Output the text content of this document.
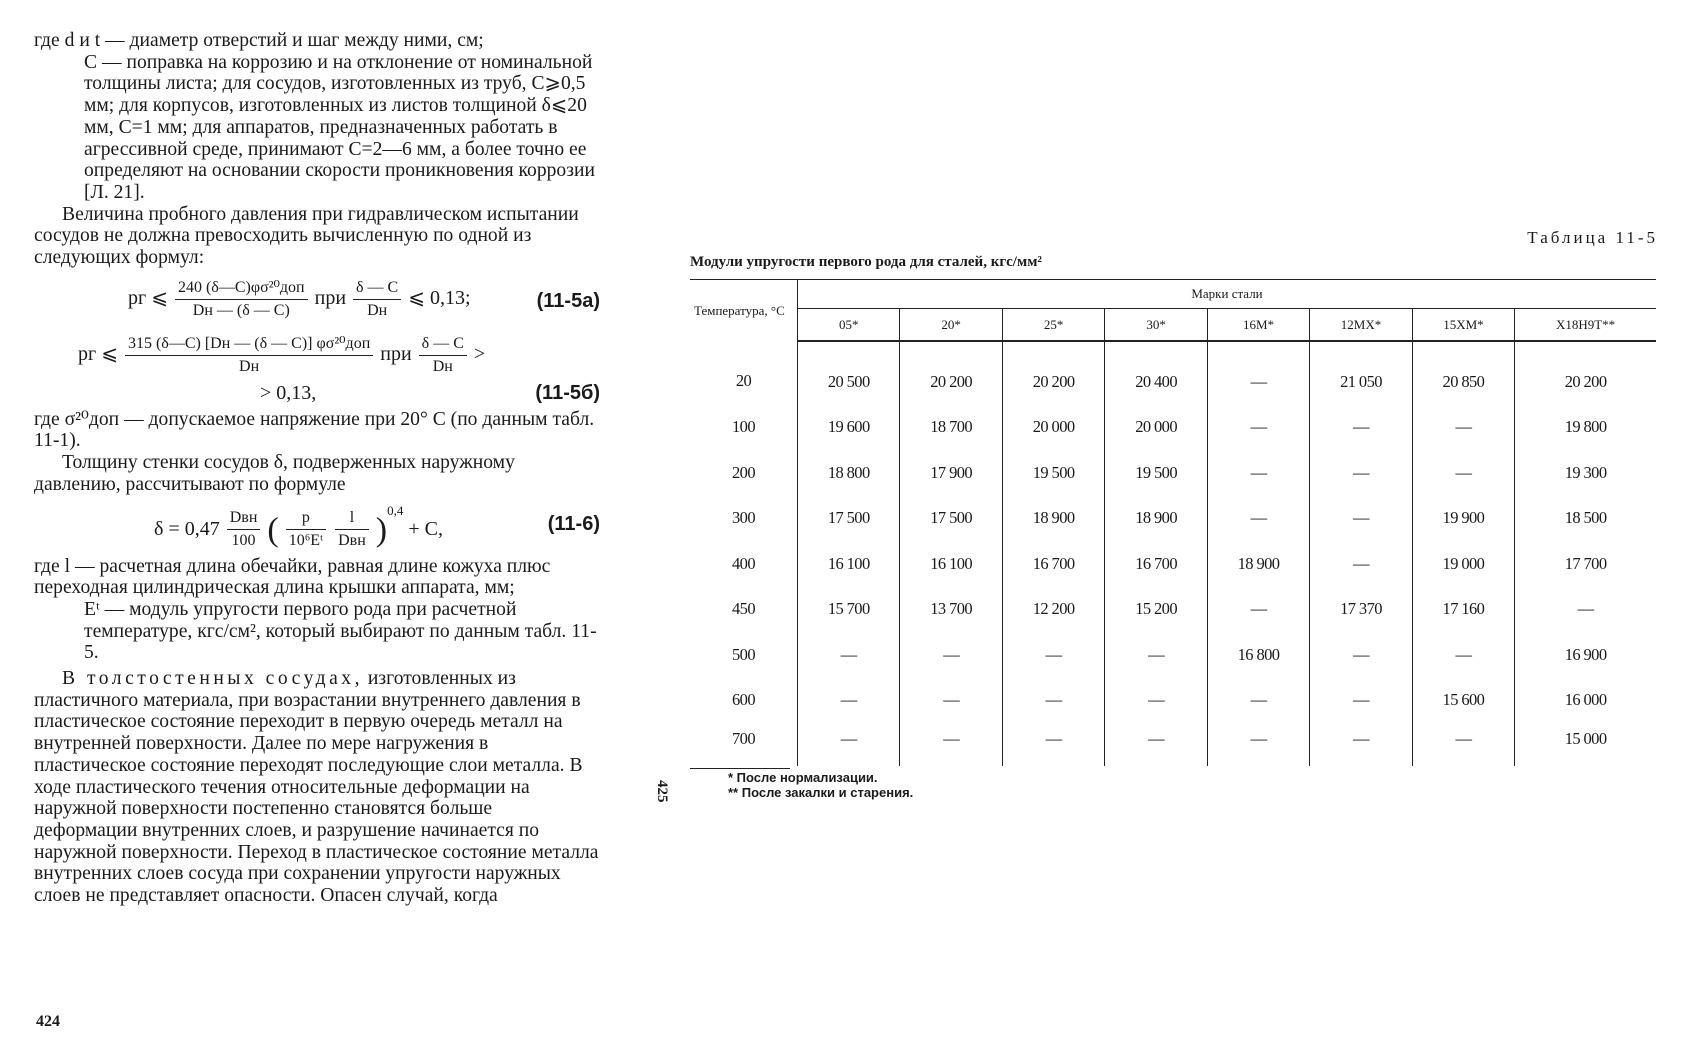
где d и t — диаметр отверстий и шаг между ними, см;

C — поправка на коррозию и на отклонение от номинальной толщины листа; для сосудов, изготовленных из труб, C⩾0,5 мм; для корпусов, изготовленных из листов толщиной δ⩽20 мм, C=1 мм; для аппаратов, предназначенных работать в агрессивной среде, принимают C=2—6 мм, а более точно ее определяют на основании скорости проникновения коррозии [Л. 21].

Величина пробного давления при гидравлическом испытании сосудов не должна превосходить вычисленную по одной из следующих формул:

pг ⩽ 240 (δ—C)φσ²⁰доп
Dн — (δ — C)
при δ — C
Dн
⩽ 0,13;	(11-5а)
pг ⩽ 315 (δ—C) [Dн — (δ — C)] φσ²⁰доп
Dн
при δ — C
Dн
>
> 0,13,	(11-5б)

где σ²⁰доп — допускаемое напряжение при 20° C (по данным табл. 11-1).

Толщину стенки сосудов δ, подверженных наружному давлению, рассчитывают по формуле

δ = 0,47 Dвн
100 ( $\frac{p}{\text{10⁶Eᵗ}}$
	l
Dвн )$^{0,4}$ + C,	(11-6)

где l — расчетная длина обечайки, равная длине кожуха плюс переходная цилиндрическая длина крышки аппарата, мм;

Eᵗ — модуль упругости первого рода при расчетной температуре, кгс/см², который выбирают по данным табл. 11-5.

В толстостенных сосудах, изготовленных из пластичного материала, при возрастании внутреннего давления в пластическое состояние переходит в первую очередь металл на внутренней поверхности. Далее по мере нагружения в пластическое состояние переходят последующие слои металла. В ходе пластического течения относительные деформации на наружной поверхности постепенно становятся больше деформации внутренних слоев, и разрушение начинается по наружной поверхности. Переход в пластическое состояние металла внутренних слоев сосуда при сохранении упругости наружных слоев не представляет опасности. Опасен случай, когда

424
Таблица 11-5
Модули упругости первого рода для сталей, кгс/мм²
Температура, °С	Марки стали							
	05*	20*	25*	30*	16М*	12МХ*	15ХМ*	Х18Н9Т**
20	20 500	20 200	20 200	20 400	—	21 050	20 850	20 200
100	19 600	18 700	20 000	20 000	—	—	—	19 800
200	18 800	17 900	19 500	19 500	—	—	—	19 300
300	17 500	17 500	18 900	18 900	—	—	19 900	18 500
400	16 100	16 100	16 700	16 700	18 900	—	19 000	17 700
450	15 700	13 700	12 200	15 200	—	17 370	17 160	—
500	—	—	—	—	16 800	—	—	16 900
600	—	—	—	—	—	—	15 600	16 000
700	—	—	—	—	—	—	—	15 000
* После нормализации.
** После закалки и старения.
425
